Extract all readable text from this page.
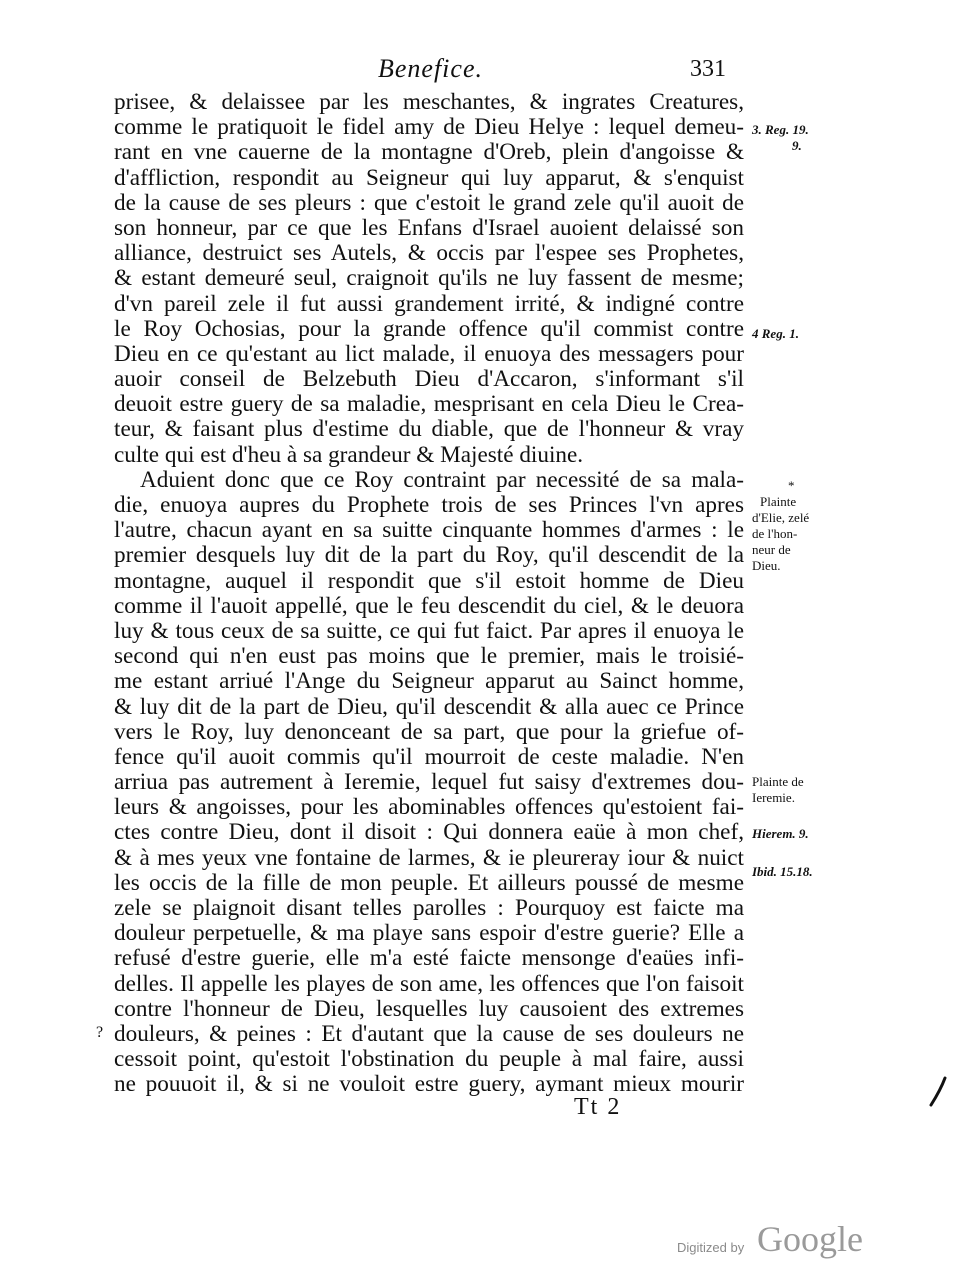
Benefice.	331
prisee, & delaissee par les meschantes, & ingrates Creatures,
comme le pratiquoit le fidel amy de Dieu Helye : lequel demeu-
rant en vne cauerne de la montagne d'Oreb, plein d'angoisse &
d'affliction, respondit au Seigneur qui luy apparut, & s'enquist
de la cause de ses pleurs : que c'estoit le grand zele qu'il auoit de
son honneur, par ce que les Enfans d'Israel auoient delaissé son
alliance, destruict ses Autels, & occis par l'espee ses Prophetes,
& estant demeuré seul, craignoit qu'ils ne luy fassent de mesme;
d'vn pareil zele il fut aussi grandement irrité, & indigné contre
le Roy Ochosias, pour la grande offence qu'il commist contre
Dieu en ce qu'estant au lict malade, il enuoya des messagers pour
auoir conseil de Belzebuth Dieu d'Accaron, s'informant s'il
deuoit estre guery de sa maladie, mesprisant en cela Dieu le Crea-
teur, & faisant plus d'estime du diable, que de l'honneur & vray
culte qui est d'heu à sa grandeur & Majesté diuine.
Aduient donc que ce Roy contraint par necessité de sa mala-
die, enuoya aupres du Prophete trois de ses Princes l'vn apres
l'autre, chacun ayant en sa suitte cinquante hommes d'armes : le
premier desquels luy dit de la part du Roy, qu'il descendit de la
montagne, auquel il respondit que s'il estoit homme de Dieu
comme il l'auoit appellé, que le feu descendit du ciel, & le deuora
luy & tous ceux de sa suitte, ce qui fut faict. Par apres il enuoya le
second qui n'en eust pas moins que le premier, mais le troisié-
me estant arriué l'Ange du Seigneur apparut au Sainct homme,
& luy dit de la part de Dieu, qu'il descendit & alla auec ce Prince
vers le Roy, luy denonceant de sa part, que pour la griefue of-
fence qu'il auoit commis qu'il mourroit de ceste maladie. N'en
arriua pas autrement à Ieremie, lequel fut saisy d'extremes dou-
leurs & angoisses, pour les abominables offences qu'estoient fai-
ctes contre Dieu, dont il disoit : Qui donnera eaüe à mon chef,
& à mes yeux vne fontaine de larmes, & ie pleureray iour & nuict
les occis de la fille de mon peuple. Et ailleurs poussé de mesme
zele se plaignoit disant telles parolles : Pourquoy est faicte ma
douleur perpetuelle, & ma playe sans espoir d'estre guerie? Elle a
refusé d'estre guerie, elle m'a esté faicte mensonge d'eaües infi-
delles. Il appelle les playes de son ame, les offences que l'on faisoit
contre l'honneur de Dieu, lesquelles luy causoient des extremes
douleurs, & peines : Et d'autant que la cause de ses douleurs ne
cessoit point, qu'estoit l'obstination du peuple à mal faire, aussi
ne pouuoit il, & si ne vouloit estre guery, aymant mieux mourir
3. Reg. 19.
9.
4 Reg. 1.
*
Plainte
d'Elie, zelé
de l'hon-
neur de
Dieu.
Plainte de
Ieremie.
Hierem. 9.
Ibid. 15.18.
?
Tt 2
Digitized by Google
